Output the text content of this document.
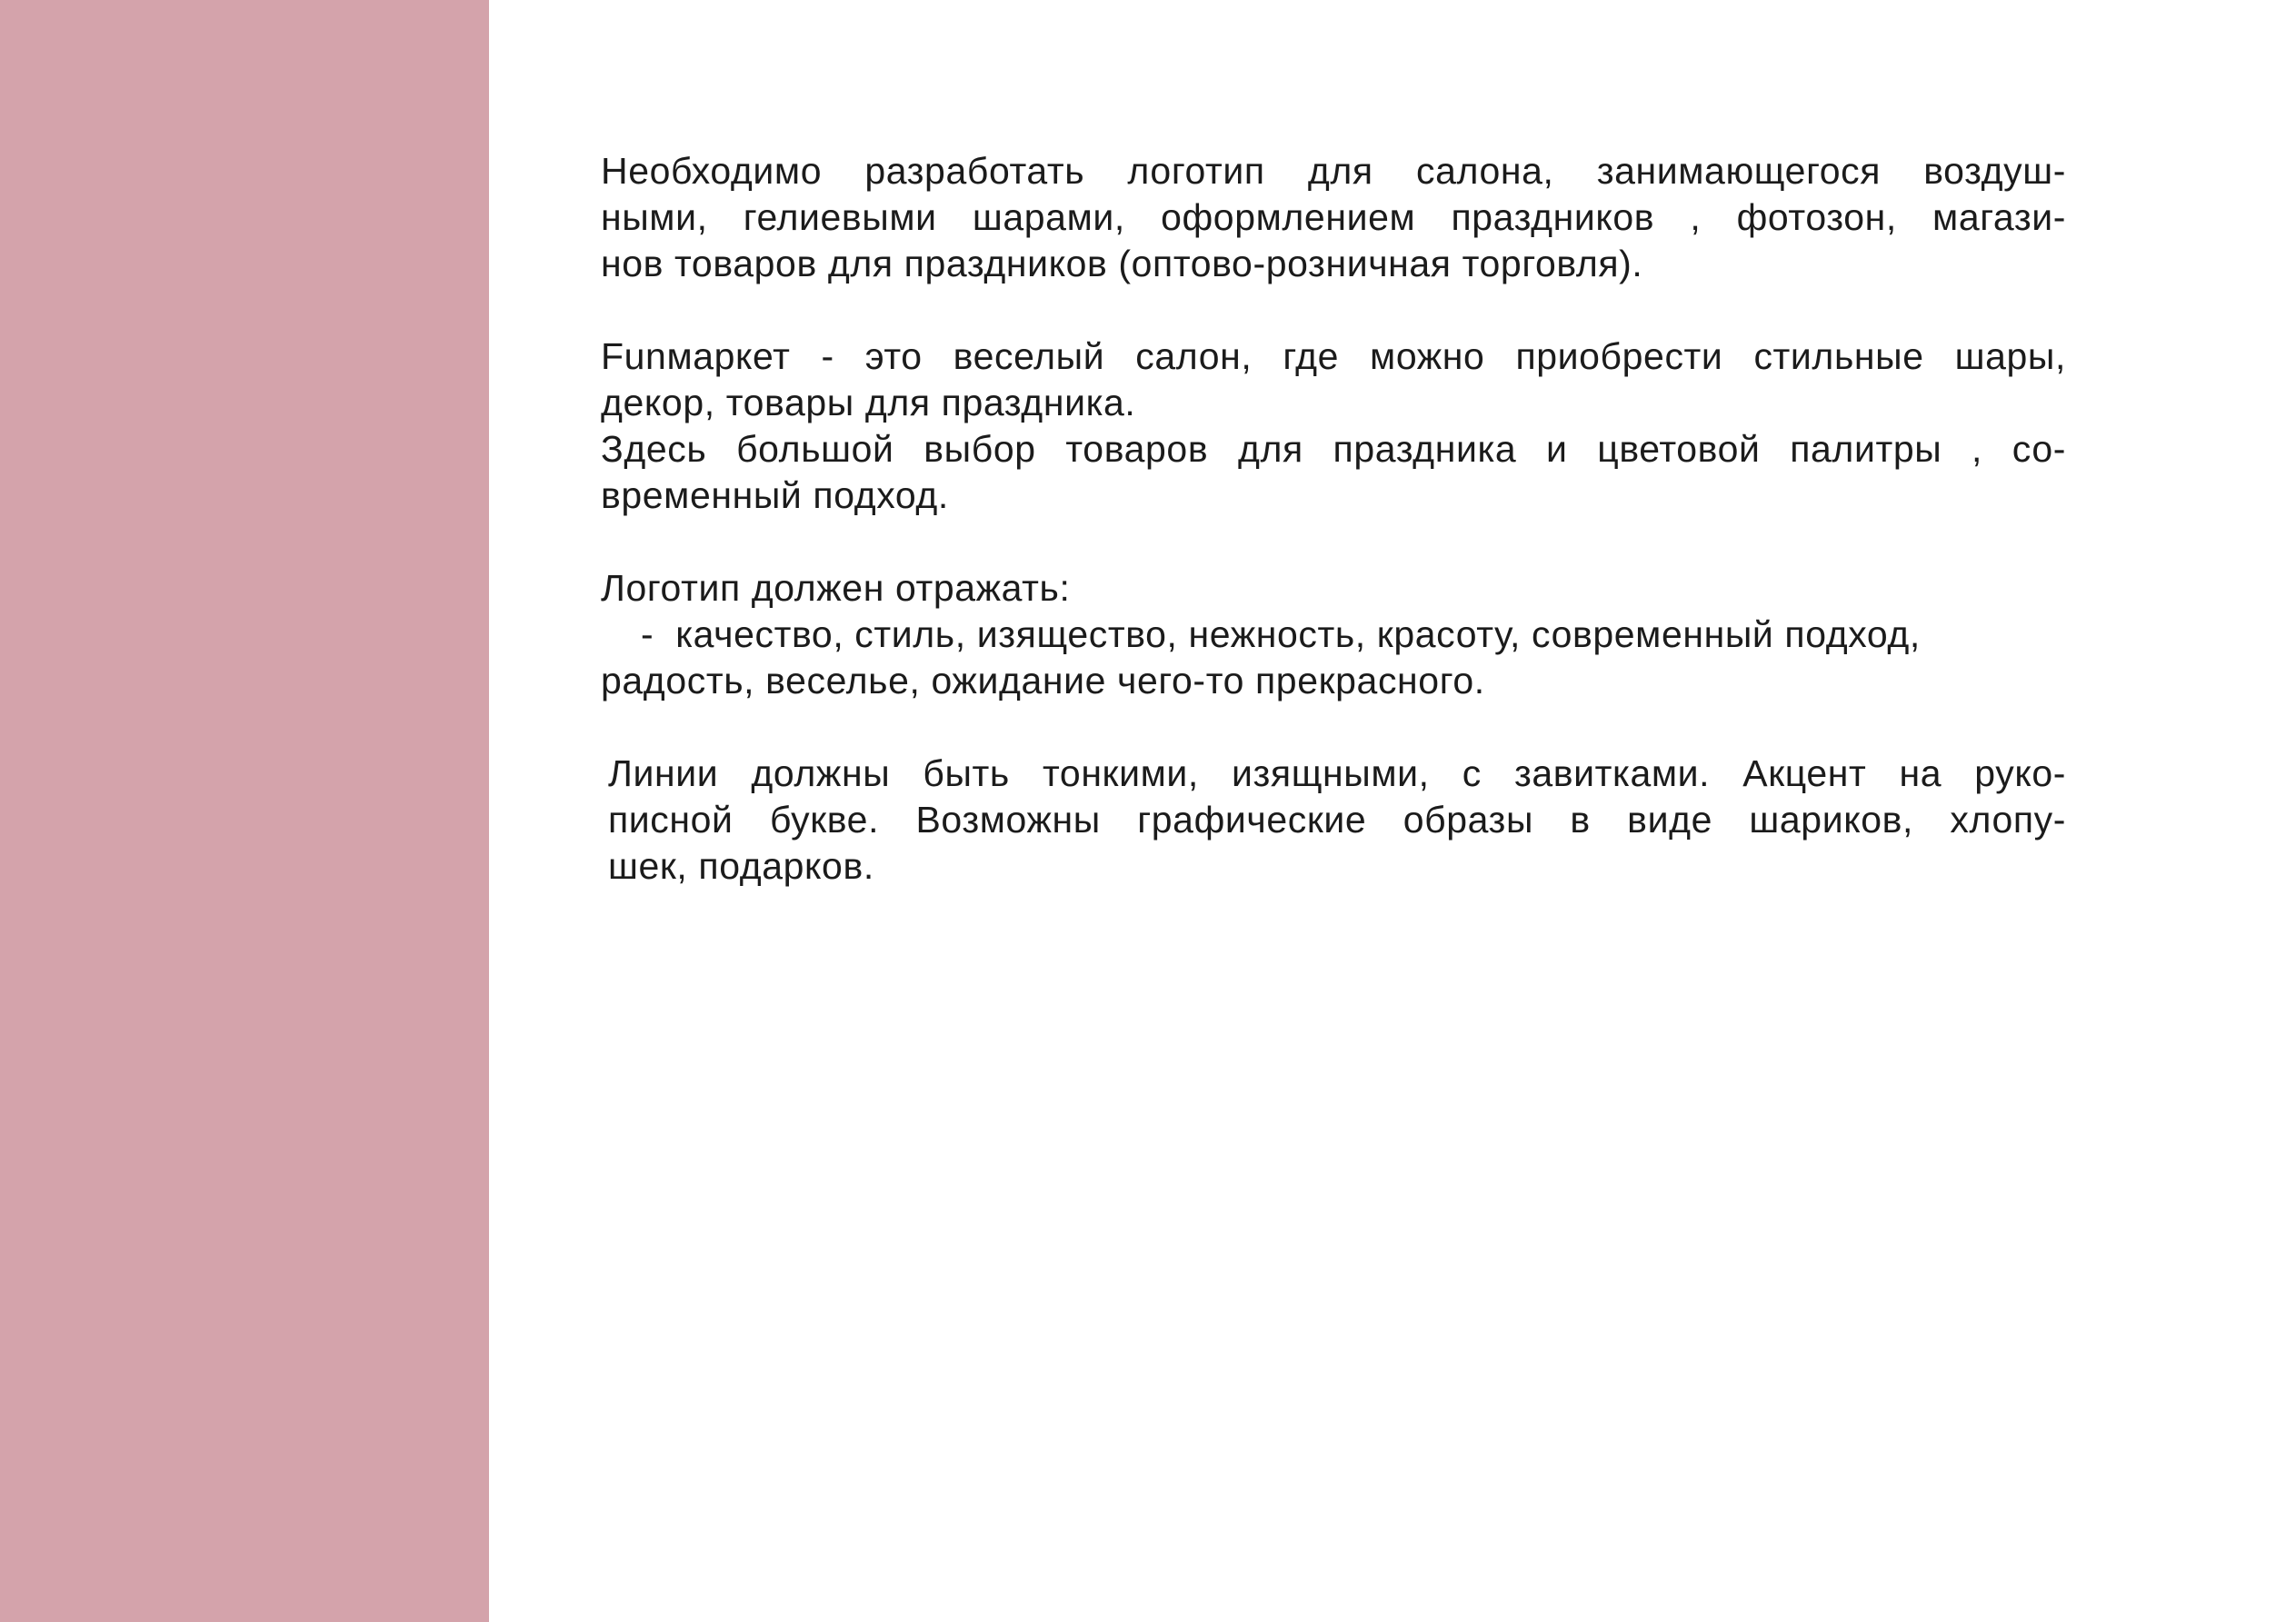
Необходимо разработать логотип для салона, занимающегося воздуш-
ными, гелиевыми шарами, оформлением праздников , фотозон, магази-
нов товаров для праздников (оптово-розничная торговля).
Funмаркет - это веселый салон, где можно приобрести стильные шары,
декор, товары для праздника.
Здесь большой выбор товаров для праздника и цветовой палитры , со-
временный подход.
Логотип должен отражать:
-  качество, стиль, изящество, нежность, красоту, современный подход,
радость, веселье, ожидание чего-то прекрасного.
Линии должны быть тонкими, изящными, с завитками. Акцент на руко-
писной букве. Возможны графические образы в виде шариков, хлопу-
шек, подарков.
